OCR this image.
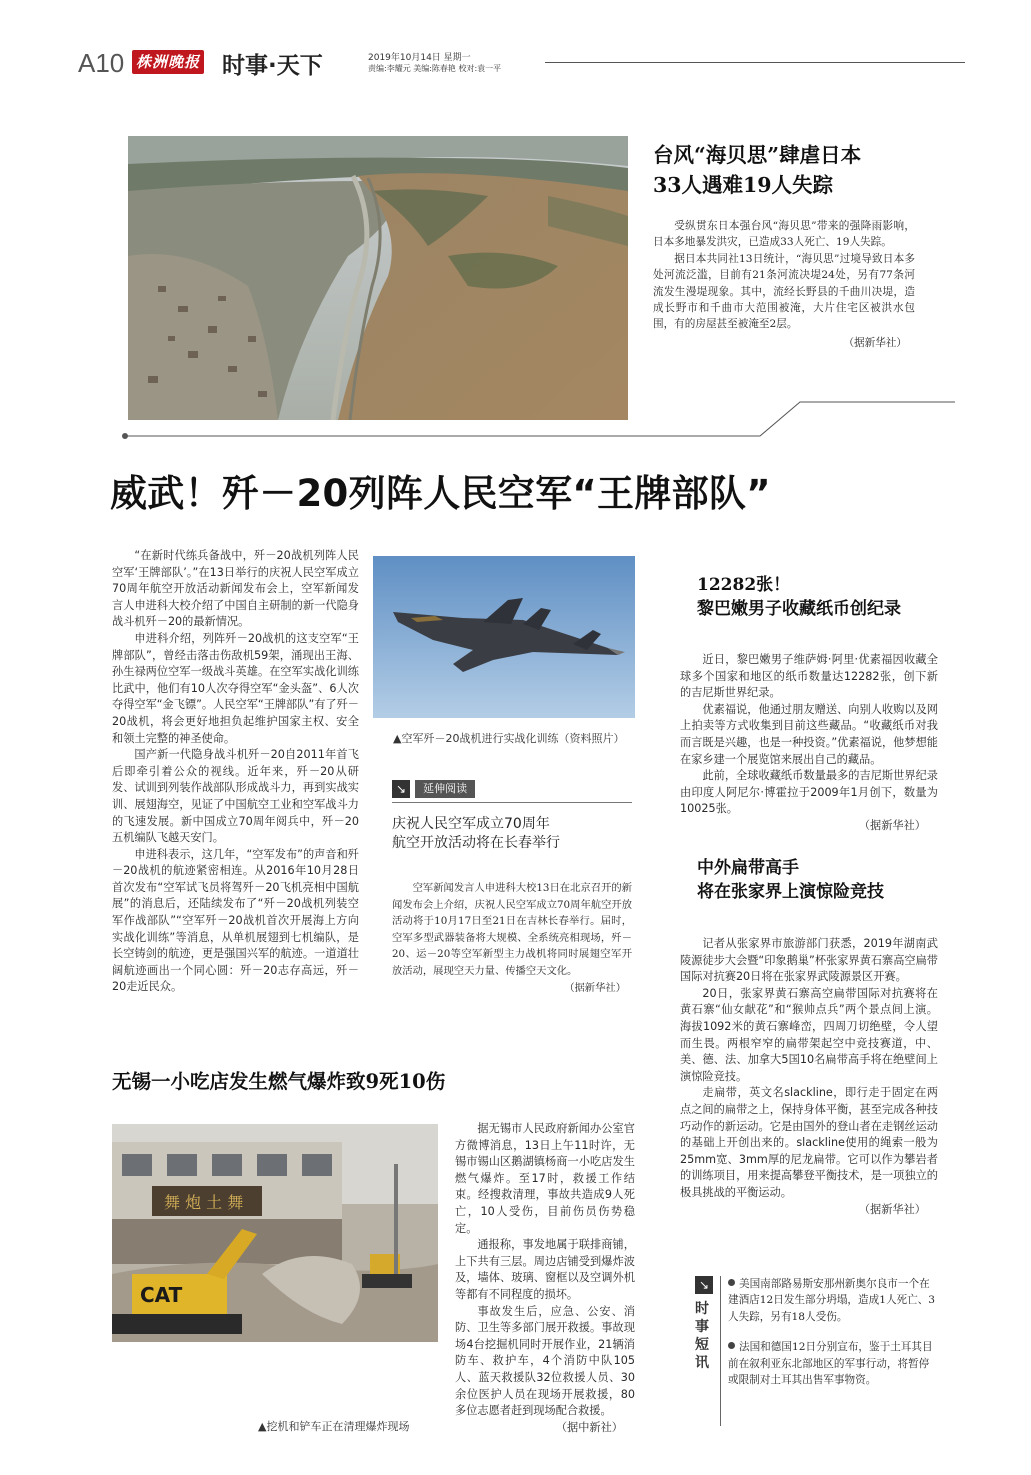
A10 株洲晚报 时事·天下	2019年10月14日 星期一
责编:李耀元 美编:陈春艳 校对:袁一平
台风“海贝思”肆虐日本
33人遇难19人失踪

受纵贯东日本强台风“海贝思”带来的强降雨影响，日本多地暴发洪灾，已造成33人死亡、19人失踪。

据日本共同社13日统计，“海贝思”过境导致日本多处河流泛滥，目前有21条河流决堤24处，另有77条河流发生漫堤现象。其中，流经长野县的千曲川决堤，造成长野市和千曲市大范围被淹，大片住宅区被洪水包围，有的房屋甚至被淹至2层。

（据新华社）
威武！歼－20列阵人民空军“王牌部队”

“在新时代练兵备战中，歼－20战机列阵人民空军‘王牌部队’。”在13日举行的庆祝人民空军成立70周年航空开放活动新闻发布会上，空军新闻发言人申进科大校介绍了中国自主研制的新一代隐身战斗机歼－20的最新情况。

申进科介绍，列阵歼－20战机的这支空军“王牌部队”，曾经击落击伤敌机59架，涌现出王海、孙生禄两位空军一级战斗英雄。在空军实战化训练比武中，他们有10人次夺得空军“金头盔”、6人次夺得空军“金飞镖”。人民空军“王牌部队”有了歼－20战机，将会更好地担负起维护国家主权、安全和领土完整的神圣使命。

国产新一代隐身战斗机歼－20自2011年首飞后即牵引着公众的视线。近年来，歼－20从研发、试训到列装作战部队形成战斗力，再到实战实训、展翅海空，见证了中国航空工业和空军战斗力的飞速发展。新中国成立70周年阅兵中，歼－20五机编队飞越天安门。

申进科表示，这几年，“空军发布”的声音和歼－20战机的航迹紧密相连。从2016年10月28日首次发布“空军试飞员将驾歼－20飞机亮相中国航展”的消息后，还陆续发布了“歼－20战机列装空军作战部队”“空军歼－20战机首次开展海上方向实战化训练”等消息，从单机展翅到七机编队，是长空铸剑的航迹，更是强国兴军的航迹。一道道壮阔航迹画出一个同心圆：歼－20志存高远，歼－20走近民众。

▲空军歼－20战机进行实战化训练（资料照片）
↘ 延伸阅读
庆祝人民空军成立70周年
航空开放活动将在长春举行

空军新闻发言人申进科大校13日在北京召开的新闻发布会上介绍，庆祝人民空军成立70周年航空开放活动将于10月17日至21日在吉林长春举行。届时，空军多型武器装备将大规模、全系统亮相现场，歼－20、运－20等空军新型主力战机将同时展翅空军开放活动，展现空天力量、传播空天文化。

（据新华社）
12282张！
黎巴嫩男子收藏纸币创纪录

近日，黎巴嫩男子维萨姆·阿里·优素福因收藏全球多个国家和地区的纸币数量达12282张，创下新的吉尼斯世界纪录。

优素福说，他通过朋友赠送、向别人收购以及网上拍卖等方式收集到目前这些藏品。“收藏纸币对我而言既是兴趣，也是一种投资。”优素福说，他梦想能在家乡建一个展览馆来展出自己的藏品。

此前，全球收藏纸币数量最多的吉尼斯世界纪录由印度人阿尼尔·博霍拉于2009年1月创下，数量为10025张。

（据新华社）
中外扁带高手
将在张家界上演惊险竞技

记者从张家界市旅游部门获悉，2019年湖南武陵源徒步大会暨“印象鹅巢”杯张家界黄石寨高空扁带国际对抗赛20日将在张家界武陵源景区开赛。

20日，张家界黄石寨高空扁带国际对抗赛将在黄石寨“仙女献花”和“猴帅点兵”两个景点间上演。海拔1092米的黄石寨峰峦，四周刀切绝壁，令人望而生畏。两根窄窄的扁带架起空中竞技赛道，中、美、德、法、加拿大5国10名扁带高手将在绝壁间上演惊险竞技。

走扁带，英文名slackline，即行走于固定在两点之间的扁带之上，保持身体平衡，甚至完成各种技巧动作的新运动。它是由国外的登山者在走钢丝运动的基础上开创出来的。slackline使用的绳索一般为25mm宽、3mm厚的尼龙扁带。它可以作为攀岩者的训练项目，用来提高攀登平衡技术，是一项独立的极具挑战的平衡运动。

（据新华社）
无锡一小吃店发生燃气爆炸致9死10伤
舞 炮 土 舞
CAT
▲挖机和铲车正在清理爆炸现场

据无锡市人民政府新闻办公室官方微博消息，13日上午11时许，无锡市锡山区鹅湖镇杨商一小吃店发生燃气爆炸。至17时，救援工作结束。经搜救清理，事故共造成9人死亡，10人受伤，目前伤员伤势稳定。

通报称，事发地属于联排商铺，上下共有三层。周边店铺受到爆炸波及，墙体、玻璃、窗框以及空调外机等都有不同程度的损坏。

事故发生后，应急、公安、消防、卫生等多部门展开救援。事故现场4台挖掘机同时开展作业，21辆消防车、救护车，4个消防中队105人、蓝天救援队32位救援人员、30余位医护人员在现场开展救援，80多位志愿者赶到现场配合救援。

（据中新社）
↘
时事短讯
美国南部路易斯安那州新奥尔良市一个在建酒店12日发生部分坍塌，造成1人死亡、3人失踪，另有18人受伤。
法国和德国12日分别宣布，鉴于土耳其目前在叙利亚东北部地区的军事行动，将暂停或限制对土耳其出售军事物资。
